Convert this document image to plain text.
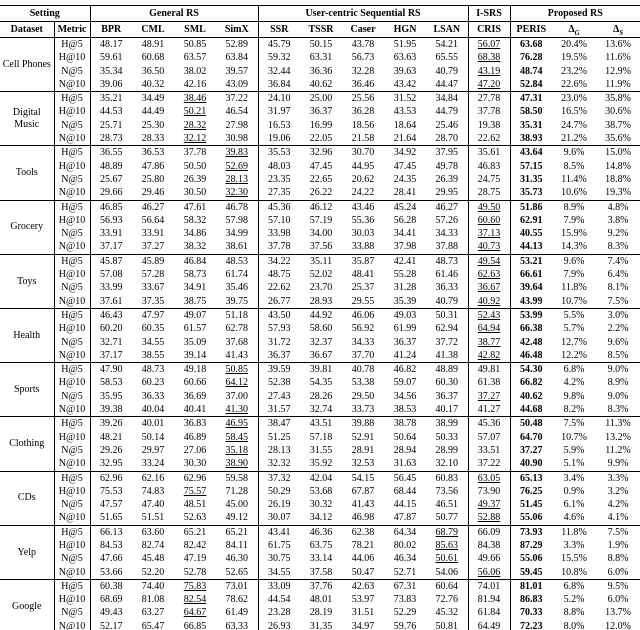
Setting		General RS				User-centric Sequential RS					I-SRS	Proposed RS		
Dataset	Metric	BPR	CML	SML	SimX	SSR	TSSR	Caser	HGN	LSAN	CRIS	PERIS	$\Delta_G$	$\Delta_S$
Cell Phones	H@5	48.17	48.91	50.85	52.89	45.79	50.15	43.78	51.95	54.21	56.07	63.68	20.4%	13.6%
	H@10	59.61	60.68	63.57	63.84	59.32	63.31	56.73	63.63	65.55	68.38	76.28	19.5%	11.6%
	N@5	35.34	36.50	38.02	39.57	32.44	36.36	32.28	39.63	40.79	43.19	48.74	23.2%	12.9%
	N@10	39.06	40.32	42.16	43.09	36.84	40.62	36.46	43.42	44.47	47.20	52.84	22.6%	11.9%
Digital Music	H@5	35.21	34.49	38.46	37.22	24.10	25.00	25.56	31.52	34.84	27.78	47.31	23.0%	35.8%
	H@10	44.53	44.49	50.21	46.54	31.97	36.37	36.28	43.53	44.79	37.78	58.50	16.5%	30.6%
	N@5	25.71	25.30	28.32	27.98	16.53	16.99	18.56	18.64	25.46	19.38	35.31	24.7%	38.7%
	N@10	28.73	28.33	32.12	30.98	19.06	22.05	21.58	21.64	28.70	22.62	38.93	21.2%	35.6%
Tools	H@5	36.55	36.53	37.78	39.83	35.53	32.96	30.70	34.92	37.95	35.61	43.64	9.6%	15.0%
	H@10	48.89	47.86	50.50	52.69	48.03	47.45	44.95	47.45	49.78	46.83	57.15	8.5%	14.8%
	N@5	25.67	25.80	26.39	28.13	23.35	22.65	20.62	24.35	26.39	24.75	31.35	11.4%	18.8%
	N@10	29.66	29.46	30.50	32.30	27.35	26.22	24.22	28.41	29.95	28.75	35.73	10.6%	19.3%
Grocery	H@5	46.85	46.27	47.61	46.78	45.36	46.12	43.46	45.24	46.27	49.50	51.86	8.9%	4.8%
	H@10	56.93	56.64	58.32	57.98	57.10	57.19	55.36	56.28	57.26	60.60	62.91	7.9%	3.8%
	N@5	33.91	33.91	34.86	34.99	33.98	34.00	30.03	34.41	34.33	37.13	40.55	15.9%	9.2%
	N@10	37.17	37.27	38.32	38.61	37.78	37.56	33.88	37.98	37.88	40.73	44.13	14.3%	8.3%
Toys	H@5	45.87	45.89	46.84	48.53	34.22	35.11	35.87	42.41	48.73	49.54	53.21	9.6%	7.4%
	H@10	57.08	57.28	58.73	61.74	48.75	52.02	48.41	55.28	61.46	62.63	66.61	7.9%	6.4%
	N@5	33.99	33.67	34.91	35.46	22.62	23.70	25.37	31.28	36.33	36.67	39.64	11.8%	8.1%
	N@10	37.61	37.35	38.75	39.75	26.77	28.93	29.55	35.39	40.79	40.92	43.99	10.7%	7.5%
Health	H@5	46.43	47.97	49.07	51.18	43.50	44.92	46.06	49.03	50.31	52.43	53.99	5.5%	3.0%
	H@10	60.20	60.35	61.57	62.78	57.93	58.60	56.92	61.99	62.94	64.94	66.38	5.7%	2.2%
	N@5	32.71	34.55	35.09	37.68	31.72	32.37	34.33	36.37	37.72	38.77	42.48	12.7%	9.6%
	N@10	37.17	38.55	39.14	41.43	36.37	36.67	37.70	41.24	41.38	42.82	46.48	12.2%	8.5%
Sports	H@5	47.90	48.73	49.18	50.85	39.59	39.81	40.78	46.82	48.89	49.81	54.30	6.8%	9.0%
	H@10	58.53	60.23	60.66	64.12	52.38	54.35	53.38	59.07	60.30	61.38	66.82	4.2%	8.9%
	N@5	35.95	36.33	36.69	37.00	27.43	28.26	29.50	34.56	36.37	37.27	40.62	9.8%	9.0%
	N@10	39.38	40.04	40.41	41.30	31.57	32.74	33.73	38.53	40.17	41.27	44.68	8.2%	8.3%
Clothing	H@5	39.26	40.01	36.83	46.95	38.47	43.51	39.88	38.78	38.99	45.36	50.48	7.5%	11.3%
	H@10	48.21	50.14	46.89	58.45	51.25	57.18	52.91	50.64	50.33	57.07	64.70	10.7%	13.2%
	N@5	29.26	29.97	27.06	35.18	28.13	31.55	28.91	28.94	28.99	33.51	37.27	5.9%	11.2%
	N@10	32.95	33.24	30.30	38.90	32.32	35.92	32.53	31.63	32.10	37.22	40.90	5.1%	9.9%
CDs	H@5	62.96	62.16	62.96	59.58	37.32	42.04	54.15	56.45	60.83	63.05	65.13	3.4%	3.3%
	H@10	75.53	74.83	75.57	71.28	50.29	53.68	67.87	68.44	73.56	73.90	76.25	0.9%	3.2%
	N@5	47.57	47.40	48.51	45.00	26.19	30.32	41.43	44.15	46.51	49.37	51.45	6.1%	4.2%
	N@10	51.65	51.51	52.63	49.12	30.07	34.12	46.98	47.87	50.77	52.88	55.06	4.6%	4.1%
Yelp	H@5	66.13	63.60	65.21	65.21	43.41	46.36	62.38	64.34	68.79	66.09	73.93	11.8%	7.5%
	H@10	84.53	82.74	82.42	84.11	61.75	63.75	78.21	80.02	85.63	84.38	87.29	3.3%	1.9%
	N@5	47.66	45.48	47.19	46.30	30.75	33.14	44.06	46.34	50.61	49.66	55.06	15.5%	8.8%
	N@10	53.66	52.20	52.78	52.65	34.55	37.58	50.47	52.71	54.06	56.06	59.45	10.8%	6.0%
Google	H@5	60.38	74.40	75.83	73.01	33.09	37.76	42.63	67.31	60.64	74.01	81.01	6.8%	9.5%
	H@10	68.69	81.08	82.54	78.62	44.54	48.01	53.97	73.83	72.76	81.94	86.83	5.2%	6.0%
	N@5	49.43	63.27	64.67	61.49	23.28	28.19	31.51	52.29	45.32	61.84	70.33	8.8%	13.7%
	N@10	52.17	65.47	66.85	63.33	26.93	31.35	34.97	59.76	50.81	64.49	72.23	8.0%	12.0%
